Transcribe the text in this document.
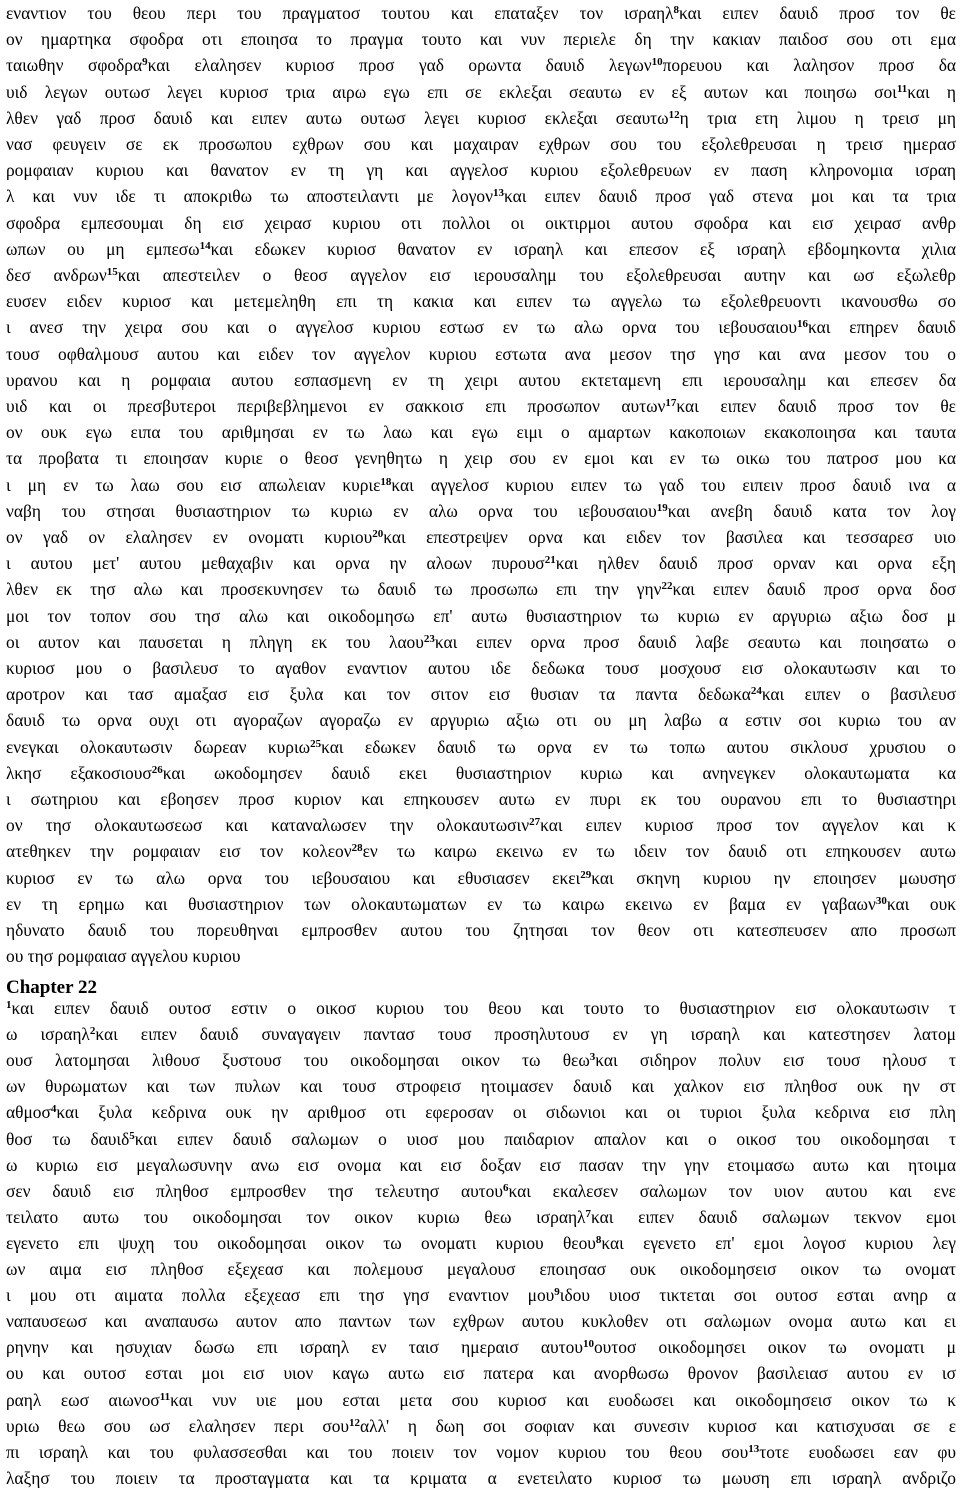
εναντιον του θεου περι του πραγματοσ τουτου και επαταξεν τον ισραηλ$^8$και ειπεν δαυιδ προσ τον θε
ον ημαρτηκα σφοδρα οτι εποιησα το πραγμα τουτο και νυν περιελε δη την κακιαν παιδοσ σου οτι εμα
ταιωθην σφοδρα$^9$και ελαλησεν κυριοσ προσ γαδ ορωντα δαυιδ λεγων$^{10}$πορευου και λαλησον προσ δα
υιδ λεγων ουτωσ λεγει κυριοσ τρια αιρω εγω επι σε εκλεξαι σεαυτω εν εξ αυτων και ποιησω σοι$^{11}$και η
λθεν γαδ προσ δαυιδ και ειπεν αυτω ουτωσ λεγει κυριοσ εκλεξαι σεαυτω$^{12}$η τρια ετη λιμου η τρεισ μη
νασ φευγειν σε εκ προσωπου εχθρων σου και μαχαιραν εχθρων σου του εξολεθρευσαι η τρεισ ημερασ
ρομφαιαν κυριου και θανατον εν τη γη και αγγελοσ κυριου εξολεθρευων εν παση κληρονομια ισραη
λ και νυν ιδε τι αποκριθω τω αποστειλαντι με λογον$^{13}$και ειπεν δαυιδ προσ γαδ στενα μοι και τα τρια
σφοδρα εμπεσουμαι δη εισ χειρασ κυριου οτι πολλοι οι οικτιρμοι αυτου σφοδρα και εισ χειρασ ανθρ
ωπων ου μη εμπεσω$^{14}$και εδωκεν κυριοσ θανατον εν ισραηλ και επεσον εξ ισραηλ εβδομηκοντα χιλια
δεσ ανδρων$^{15}$και απεστειλεν ο θεοσ αγγελον εισ ιερουσαλημ του εξολεθρευσαι αυτην και ωσ εξωλεθρ
ευσεν ειδεν κυριοσ και μετεμεληθη επι τη κακια και ειπεν τω αγγελω τω εξολεθρευοντι ικανουσθω σο
ι ανεσ την χειρα σου και ο αγγελοσ κυριου εστωσ εν τω αλω ορνα του ιεβουσαιου$^{16}$και επηρεν δαυιδ
τουσ οφθαλμουσ αυτου και ειδεν τον αγγελον κυριου εστωτα ανα μεσον τησ γησ και ανα μεσον του ο
υρανου και η ρομφαια αυτου εσπασμενη εν τη χειρι αυτου εκτεταμενη επι ιερουσαλημ και επεσεν δα
υιδ και οι πρεσβυτεροι περιβεβλημενοι εν σακκοισ επι προσωπον αυτων$^{17}$και ειπεν δαυιδ προσ τον θε
ον ουκ εγω ειπα του αριθμησαι εν τω λαω και εγω ειμι ο αμαρτων κακοποιων εκακοποιησα και ταυτα
τα προβατα τι εποιησαν κυριε ο θεοσ γενηθητω η χειρ σου εν εμοι και εν τω οικω του πατροσ μου κα
ι μη εν τω λαω σου εισ απωλειαν κυριε$^{18}$και αγγελοσ κυριου ειπεν τω γαδ του ειπειν προσ δαυιδ ινα α
ναβη του στησαι θυσιαστηριον τω κυριω εν αλω ορνα του ιεβουσαιου$^{19}$και ανεβη δαυιδ κατα τον λογ
ον γαδ ον ελαλησεν εν ονοματι κυριου$^{20}$και επεστρεψεν ορνα και ειδεν τον βασιλεα και τεσσαρεσ υιο
ι αυτου μετ' αυτου μεθαχαβιν και ορνα ην αλοων πυρουσ$^{21}$και ηλθεν δαυιδ προσ ορναν και ορνα εξη
λθεν εκ τησ αλω και προσεκυνησεν τω δαυιδ τω προσωπω επι την γην$^{22}$και ειπεν δαυιδ προσ ορνα δοσ
μοι τον τοπον σου τησ αλω και οικοδομησω επ' αυτω θυσιαστηριον τω κυριω εν αργυριω αξιω δοσ μ
οι αυτον και παυσεται η πληγη εκ του λαου$^{23}$και ειπεν ορνα προσ δαυιδ λαβε σεαυτω και ποιησατω ο
κυριοσ μου ο βασιλευσ το αγαθον εναντιον αυτου ιδε δεδωκα τουσ μοσχουσ εισ ολοκαυτωσιν και το
αροτρον και τασ αμαξασ εισ ξυλα και τον σιτον εισ θυσιαν τα παντα δεδωκα$^{24}$και ειπεν ο βασιλευσ
δαυιδ τω ορνα ουχι οτι αγοραζων αγοραζω εν αργυριω αξιω οτι ου μη λαβω α εστιν σοι κυριω του αν
ενεγκαι ολοκαυτωσιν δωρεαν κυριω$^{25}$και εδωκεν δαυιδ τω ορνα εν τω τοπω αυτου σικλουσ χρυσιου ο
λκησ εξακοσιουσ$^{26}$και ωκοδομησεν δαυιδ εκει θυσιαστηριον κυριω και ανηνεγκεν ολοκαυτωματα κα
ι σωτηριου και εβοησεν προσ κυριον και επηκουσεν αυτω εν πυρι εκ του ουρανου επι το θυσιαστηρι
ον τησ ολοκαυτωσεωσ και καταναλωσεν την ολοκαυτωσιν$^{27}$και ειπεν κυριοσ προσ τον αγγελον και κ
ατεθηκεν την ρομφαιαν εισ τον κολεον$^{28}$εν τω καιρω εκεινω εν τω ιδειν τον δαυιδ οτι επηκουσεν αυτω
κυριοσ εν τω αλω ορνα του ιεβουσαιου και εθυσιασεν εκει$^{29}$και σκηνη κυριου ην εποιησεν μωυσησ
εν τη ερημω και θυσιαστηριον των ολοκαυτωματων εν τω καιρω εκεινω εν βαμα εν γαβαων$^{30}$και ουκ
ηδυνατο δαυιδ του πορευθηναι εμπροσθεν αυτου του ζητησαι τον θεον οτι κατεσπευσεν απο προσωπ
ου τησ ρομφαιασ αγγελου κυριου
Chapter 22
$^1$και ειπεν δαυιδ ουτοσ εστιν ο οικοσ κυριου του θεου και τουτο το θυσιαστηριον εισ ολοκαυτωσιν τ
ω ισραηλ$^2$και ειπεν δαυιδ συναγαγειν παντασ τουσ προσηλυτουσ εν γη ισραηλ και κατεστησεν λατομ
ουσ λατομησαι λιθουσ ξυστουσ του οικοδομησαι οικον τω θεω$^3$και σιδηρον πολυν εισ τουσ ηλουσ τ
ων θυρωματων και των πυλων και τουσ στροφεισ ητοιμασεν δαυιδ και χαλκον εισ πληθοσ ουκ ην στ
αθμοσ$^4$και ξυλα κεδρινα ουκ ην αριθμοσ οτι εφεροσαν οι σιδωνιοι και οι τυριοι ξυλα κεδρινα εισ πλη
θοσ τω δαυιδ$^5$και ειπεν δαυιδ σαλωμων ο υιοσ μου παιδαριον απαλον και ο οικοσ του οικοδομησαι τ
ω κυριω εισ μεγαλωσυνην ανω εισ ονομα και εισ δοξαν εισ πασαν την γην ετοιμασω αυτω και ητοιμα
σεν δαυιδ εισ πληθοσ εμπροσθεν τησ τελευτησ αυτου$^6$και εκαλεσεν σαλωμων τον υιον αυτου και ενε
τειλατο αυτω του οικοδομησαι τον οικον κυριω θεω ισραηλ$^7$και ειπεν δαυιδ σαλωμων τεκνον εμοι
εγενετο επι ψυχη του οικοδομησαι οικον τω ονοματι κυριου θεου$^8$και εγενετο επ' εμοι λογοσ κυριου λεγ
ων αιμα εισ πληθοσ εξεχεασ και πολεμουσ μεγαλουσ εποιησασ ουκ οικοδομησεισ οικον τω ονοματ
ι μου οτι αιματα πολλα εξεχεασ επι τησ γησ εναντιον μου$^9$ιδου υιοσ τικτεται σοι ουτοσ εσται ανηρ α
ναπαυσεωσ και αναπαυσω αυτον απο παντων των εχθρων αυτου κυκλοθεν οτι σαλωμων ονομα αυτω και ει
ρηνην και ησυχιαν δωσω επι ισραηλ εν ταισ ημεραισ αυτου$^{10}$ουτοσ οικοδομησει οικον τω ονοματι μ
ου και ουτοσ εσται μοι εισ υιον καγω αυτω εισ πατερα και ανορθωσω θρονον βασιλειασ αυτου εν ισ
ραηλ εωσ αιωνοσ$^{11}$και νυν υιε μου εσται μετα σου κυριοσ και ευοδωσει και οικοδομησεισ οικον τω κ
υριω θεω σου ωσ ελαλησεν περι σου$^{12}$αλλ' η δωη σοι σοφιαν και συνεσιν κυριοσ και κατισχυσαι σε ε
πι ισραηλ και του φυλασσεσθαι και του ποιειν τον νομον κυριου του θεου σου$^{13}$τοτε ευοδωσει εαν φυ
λαξησ του ποιειν τα προσταγματα και τα κριματα α ενετειλατο κυριοσ τω μωυση επι ισραηλ ανδριζο
